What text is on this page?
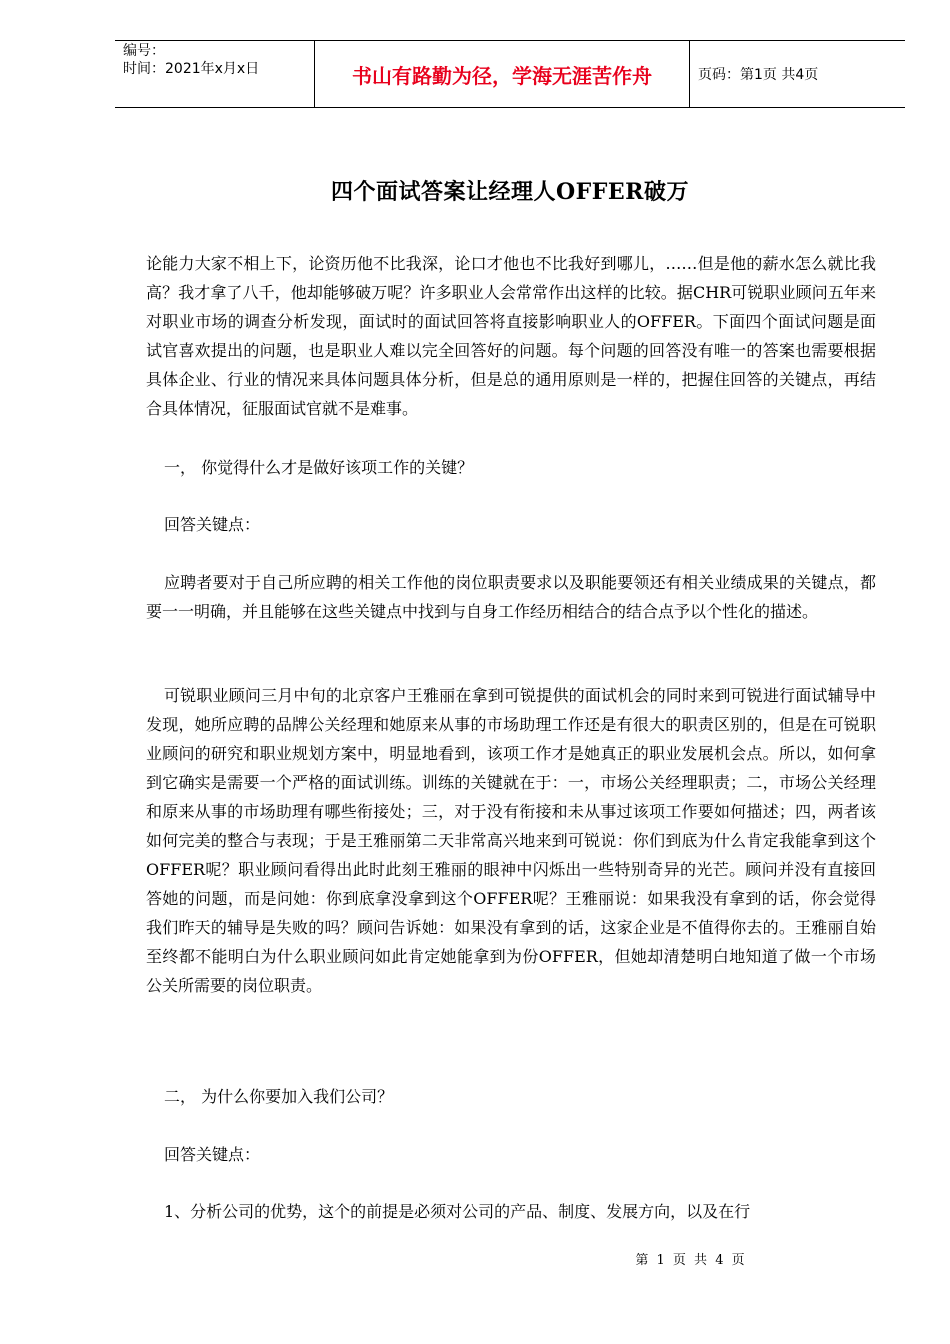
编号：
时间：2021年x月x日	书山有路勤为径，学海无涯苦作舟	页码：第1页 共4页
四个面试答案让经理人OFFER破万
论能力大家不相上下，论资历他不比我深，论口才他也不比我好到哪儿，……但是他的薪水怎么就比我高？我才拿了八千，他却能够破万呢？许多职业人会常常作出这样的比较。据CHR可锐职业顾问五年来对职业市场的调查分析发现，面试时的面试回答将直接影响职业人的OFFER。下面四个面试问题是面试官喜欢提出的问题，也是职业人难以完全回答好的问题。每个问题的回答没有唯一的答案也需要根据具体企业、行业的情况来具体问题具体分析，但是总的通用原则是一样的，把握住回答的关键点，再结合具体情况，征服面试官就不是难事。
一， 你觉得什么才是做好该项工作的关键？
回答关键点：
应聘者要对于自己所应聘的相关工作他的岗位职责要求以及职能要领还有相关业绩成果的关键点，都要一一明确，并且能够在这些关键点中找到与自身工作经历相结合的结合点予以个性化的描述。
可锐职业顾问三月中旬的北京客户王雅丽在拿到可锐提供的面试机会的同时来到可锐进行面试辅导中发现，她所应聘的品牌公关经理和她原来从事的市场助理工作还是有很大的职责区别的，但是在可锐职业顾问的研究和职业规划方案中，明显地看到，该项工作才是她真正的职业发展机会点。所以，如何拿到它确实是需要一个严格的面试训练。训练的关键就在于：一，市场公关经理职责；二，市场公关经理和原来从事的市场助理有哪些衔接处；三，对于没有衔接和未从事过该项工作要如何描述；四，两者该如何完美的整合与表现；于是王雅丽第二天非常高兴地来到可锐说：你们到底为什么肯定我能拿到这个OFFER呢？职业顾问看得出此时此刻王雅丽的眼神中闪烁出一些特别奇异的光芒。顾问并没有直接回答她的问题，而是问她：你到底拿没拿到这个OFFER呢？王雅丽说：如果我没有拿到的话，你会觉得我们昨天的辅导是失败的吗？顾问告诉她：如果没有拿到的话，这家企业是不值得你去的。王雅丽自始至终都不能明白为什么职业顾问如此肯定她能拿到为份OFFER，但她却清楚明白地知道了做一个市场公关所需要的岗位职责。
二， 为什么你要加入我们公司？
回答关键点：
1、分析公司的优势，这个的前提是必须对公司的产品、制度、发展方向，以及在行
第 1 页 共 4 页
